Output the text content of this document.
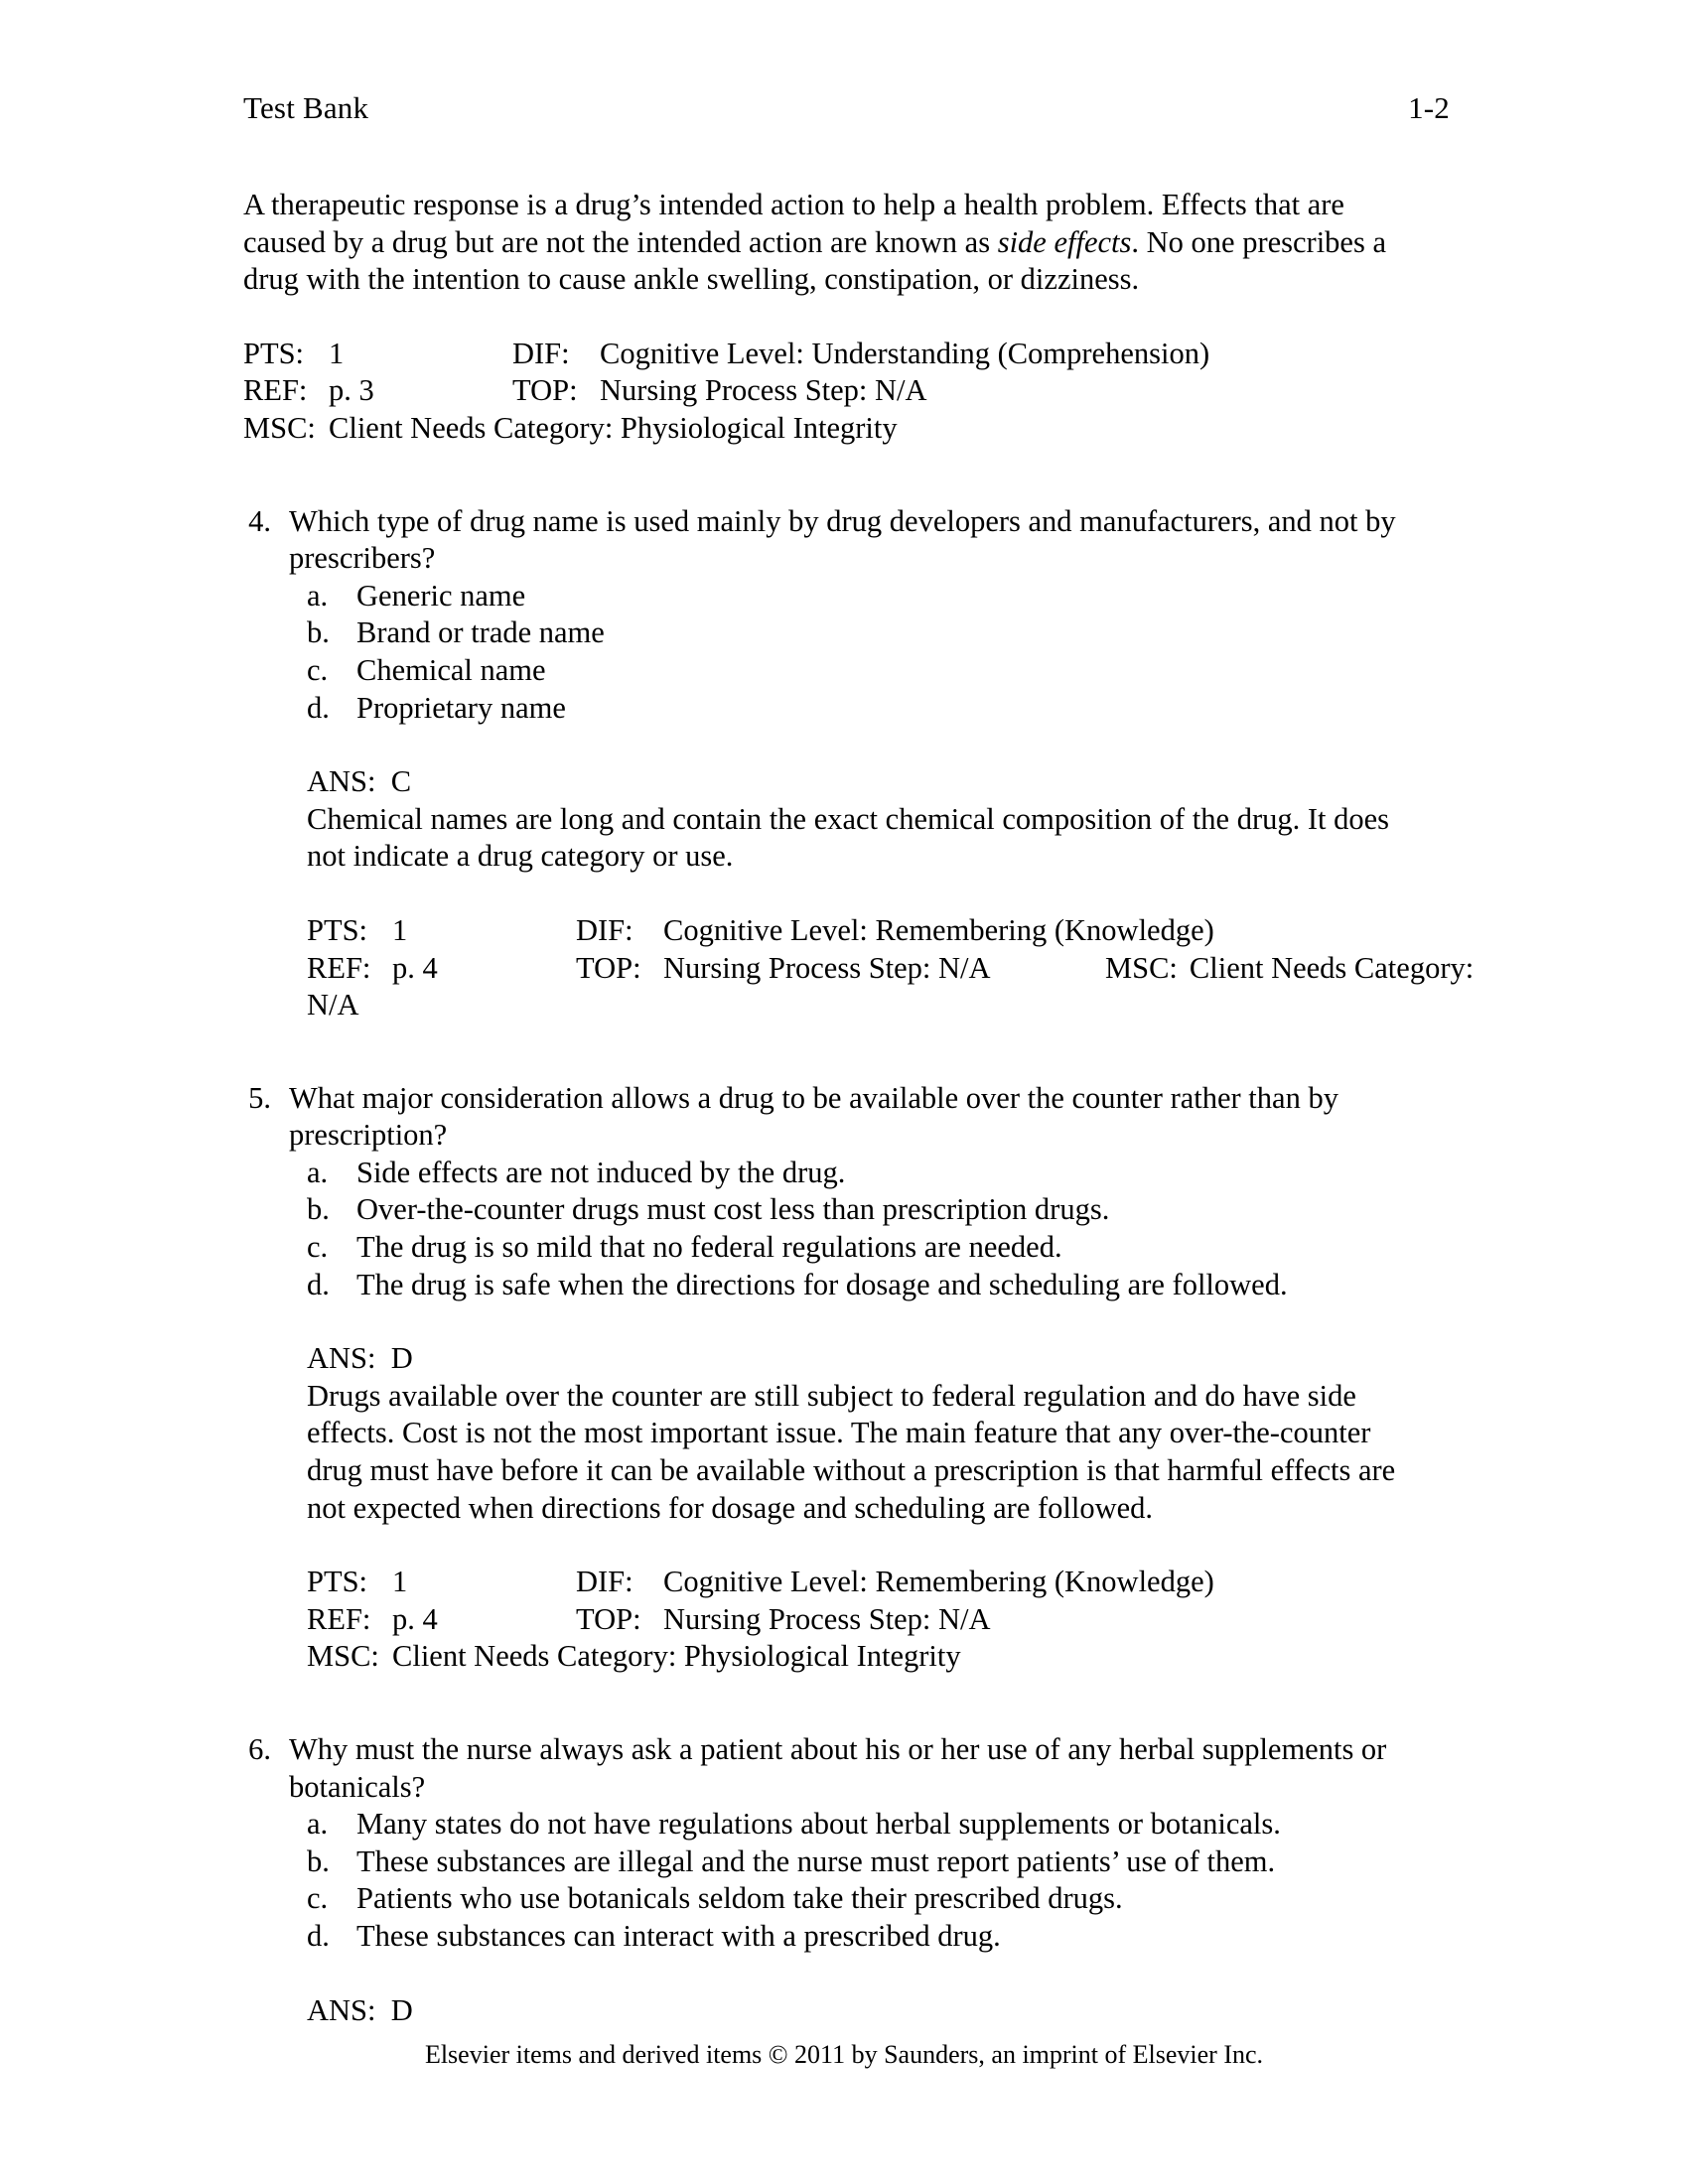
Test Bank	1-2

A therapeutic response is a drug’s intended action to help a health problem. Effects that are caused by a drug but are not the intended action are known as side effects. No one prescribes a drug with the intention to cause ankle swelling, constipation, or dizziness.

PTS: 1	DIF: Cognitive Level: Understanding (Comprehension)
REF: p. 3	TOP: Nursing Process Step: N/A
MSC: Client Needs Category: Physiological Integrity
4. Which type of drug name is used mainly by drug developers and manufacturers, and not by prescribers?
a. Generic name
b. Brand or trade name
c. Chemical name
d. Proprietary name
ANS: C
Chemical names are long and contain the exact chemical composition of the drug. It does not indicate a drug category or use.
PTS: 1	DIF: Cognitive Level: Remembering (Knowledge)
REF: p. 4	TOP: Nursing Process Step: N/A	MSC: Client Needs Category:
N/A
5. What major consideration allows a drug to be available over the counter rather than by prescription?
a. Side effects are not induced by the drug.
b. Over-the-counter drugs must cost less than prescription drugs.
c. The drug is so mild that no federal regulations are needed.
d. The drug is safe when the directions for dosage and scheduling are followed.
ANS: D
Drugs available over the counter are still subject to federal regulation and do have side effects. Cost is not the most important issue. The main feature that any over-the-counter drug must have before it can be available without a prescription is that harmful effects are not expected when directions for dosage and scheduling are followed.
PTS: 1	DIF: Cognitive Level: Remembering (Knowledge)
REF: p. 4	TOP: Nursing Process Step: N/A
MSC: Client Needs Category: Physiological Integrity
6. Why must the nurse always ask a patient about his or her use of any herbal supplements or botanicals?
a. Many states do not have regulations about herbal supplements or botanicals.
b. These substances are illegal and the nurse must report patients’ use of them.
c. Patients who use botanicals seldom take their prescribed drugs.
d. These substances can interact with a prescribed drug.
ANS: D
Elsevier items and derived items © 2011 by Saunders, an imprint of Elsevier Inc.
